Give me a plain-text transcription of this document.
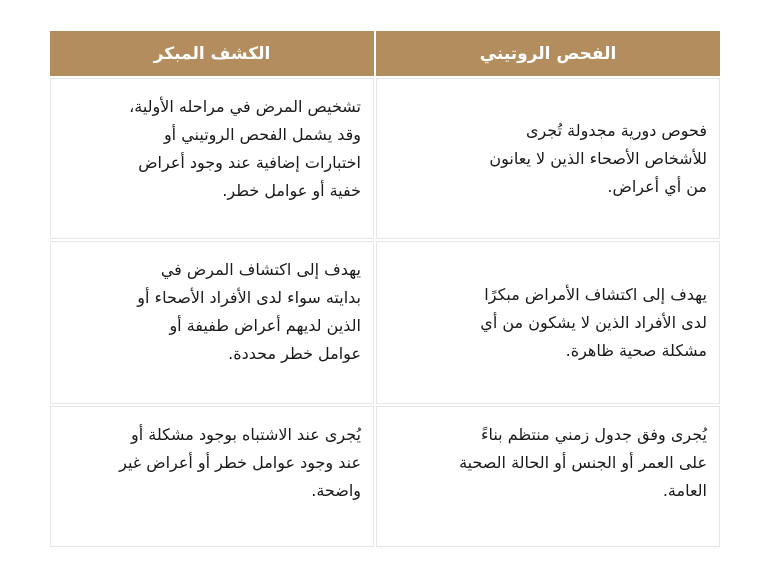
الكشف المبكر	الفحص الروتيني
تشخيص المرض في مراحله الأولية،
وقد يشمل الفحص الروتيني أو
اختبارات إضافية عند وجود أعراض
خفية أو عوامل خطر.
فحوص دورية مجدولة تُجرى
للأشخاص الأصحاء الذين لا يعانون
من أي أعراض.
يهدف إلى اكتشاف المرض في
بدايته سواء لدى الأفراد الأصحاء أو
الذين لديهم أعراض طفيفة أو
عوامل خطر محددة.
يهدف إلى اكتشاف الأمراض مبكرًا
لدى الأفراد الذين لا يشكون من أي
مشكلة صحية ظاهرة.
يُجرى عند الاشتباه بوجود مشكلة أو
عند وجود عوامل خطر أو أعراض غير
واضحة.
يُجرى وفق جدول زمني منتظم بناءً
على العمر أو الجنس أو الحالة الصحية
العامة.
